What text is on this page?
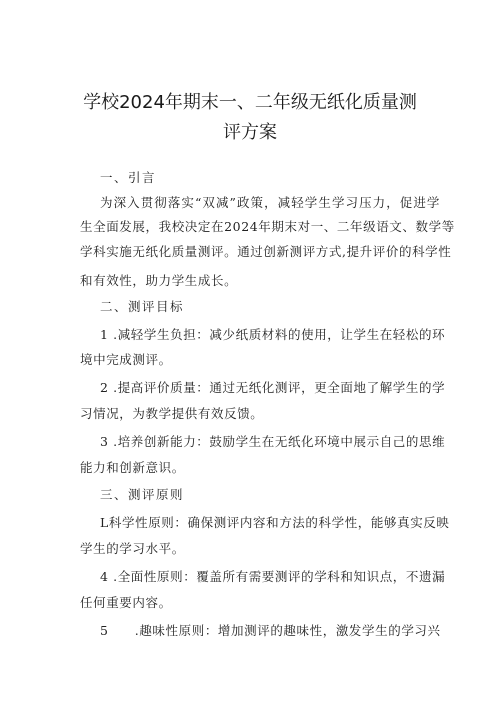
学校2024年期末一、二年级无纸化质量测
评方案
一、引言
为深入贯彻落实“双减”政策，减轻学生学习压力，促进学
生全面发展，我校决定在2024年期末对一、二年级语文、数学等
学科实施无纸化质量测评。通过创新测评方式,提升评价的科学性
和有效性，助力学生成长。
二、测评目标
1 .减轻学生负担：减少纸质材料的使用，让学生在轻松的环
境中完成测评。
2 .提高评价质量：通过无纸化测评，更全面地了解学生的学
习情况，为教学提供有效反馈。
3 .培养创新能力：鼓励学生在无纸化环境中展示自己的思维
能力和创新意识。
三、测评原则
L科学性原则：确保测评内容和方法的科学性，能够真实反映
学生的学习水平。
4 .全面性原则：覆盖所有需要测评的学科和知识点，不遗漏
任何重要内容。
5　　.趣味性原则：增加测评的趣味性，激发学生的学习兴
